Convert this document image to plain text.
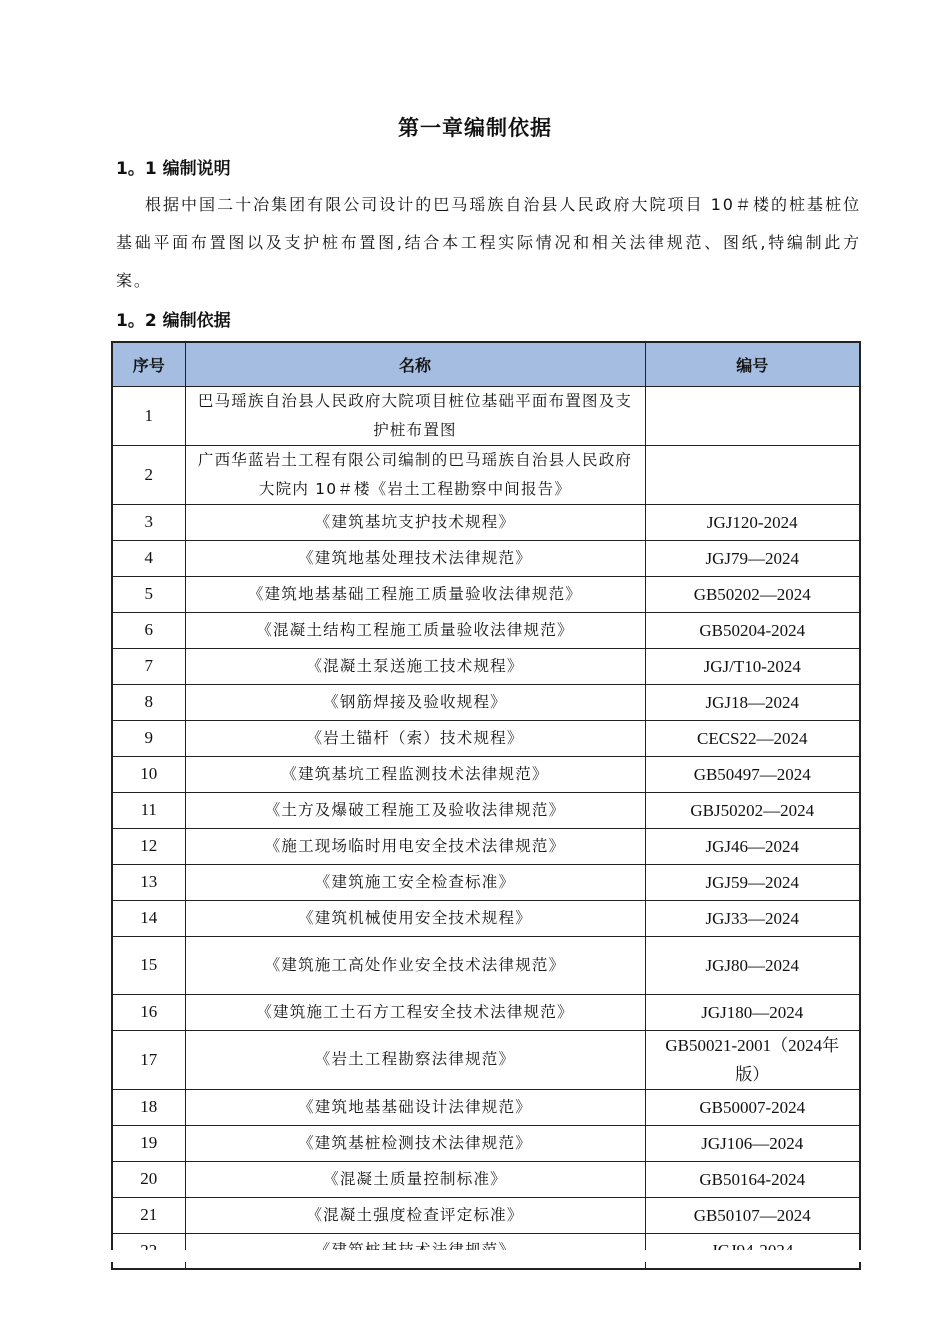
第一章编制依据
1。1 编制说明
根据中国二十冶集团有限公司设计的巴马瑶族自治县人民政府大院项目 10＃楼的桩基桩位基础平面布置图以及支护桩布置图,结合本工程实际情况和相关法律规范、图纸,特编制此方案。
1。2 编制依据
序号	名称	编号
1	巴马瑶族自治县人民政府大院项目桩位基础平面布置图及支护桩布置图	
2	广西华蓝岩土工程有限公司编制的巴马瑶族自治县人民政府大院内 10＃楼《岩土工程勘察中间报告》	
3	《建筑基坑支护技术规程》	JGJ120-2024
4	《建筑地基处理技术法律规范》	JGJ79—2024
5	《建筑地基基础工程施工质量验收法律规范》	GB50202—2024
6	《混凝土结构工程施工质量验收法律规范》	GB50204-2024
7	《混凝土泵送施工技术规程》	JGJ/T10-2024
8	《钢筋焊接及验收规程》	JGJ18—2024
9	《岩土锚杆（索）技术规程》	CECS22—2024
10	《建筑基坑工程监测技术法律规范》	GB50497—2024
11	《土方及爆破工程施工及验收法律规范》	GBJ50202—2024
12	《施工现场临时用电安全技术法律规范》	JGJ46—2024
13	《建筑施工安全检查标准》	JGJ59—2024
14	《建筑机械使用安全技术规程》	JGJ33—2024
15	《建筑施工高处作业安全技术法律规范》	JGJ80—2024
16	《建筑施工土石方工程安全技术法律规范》	JGJ180—2024
17	《岩土工程勘察法律规范》	GB50021-2001（2024年版）
18	《建筑地基基础设计法律规范》	GB50007-2024
19	《建筑基桩检测技术法律规范》	JGJ106—2024
20	《混凝土质量控制标准》	GB50164-2024
21	《混凝土强度检查评定标准》	GB50107—2024
